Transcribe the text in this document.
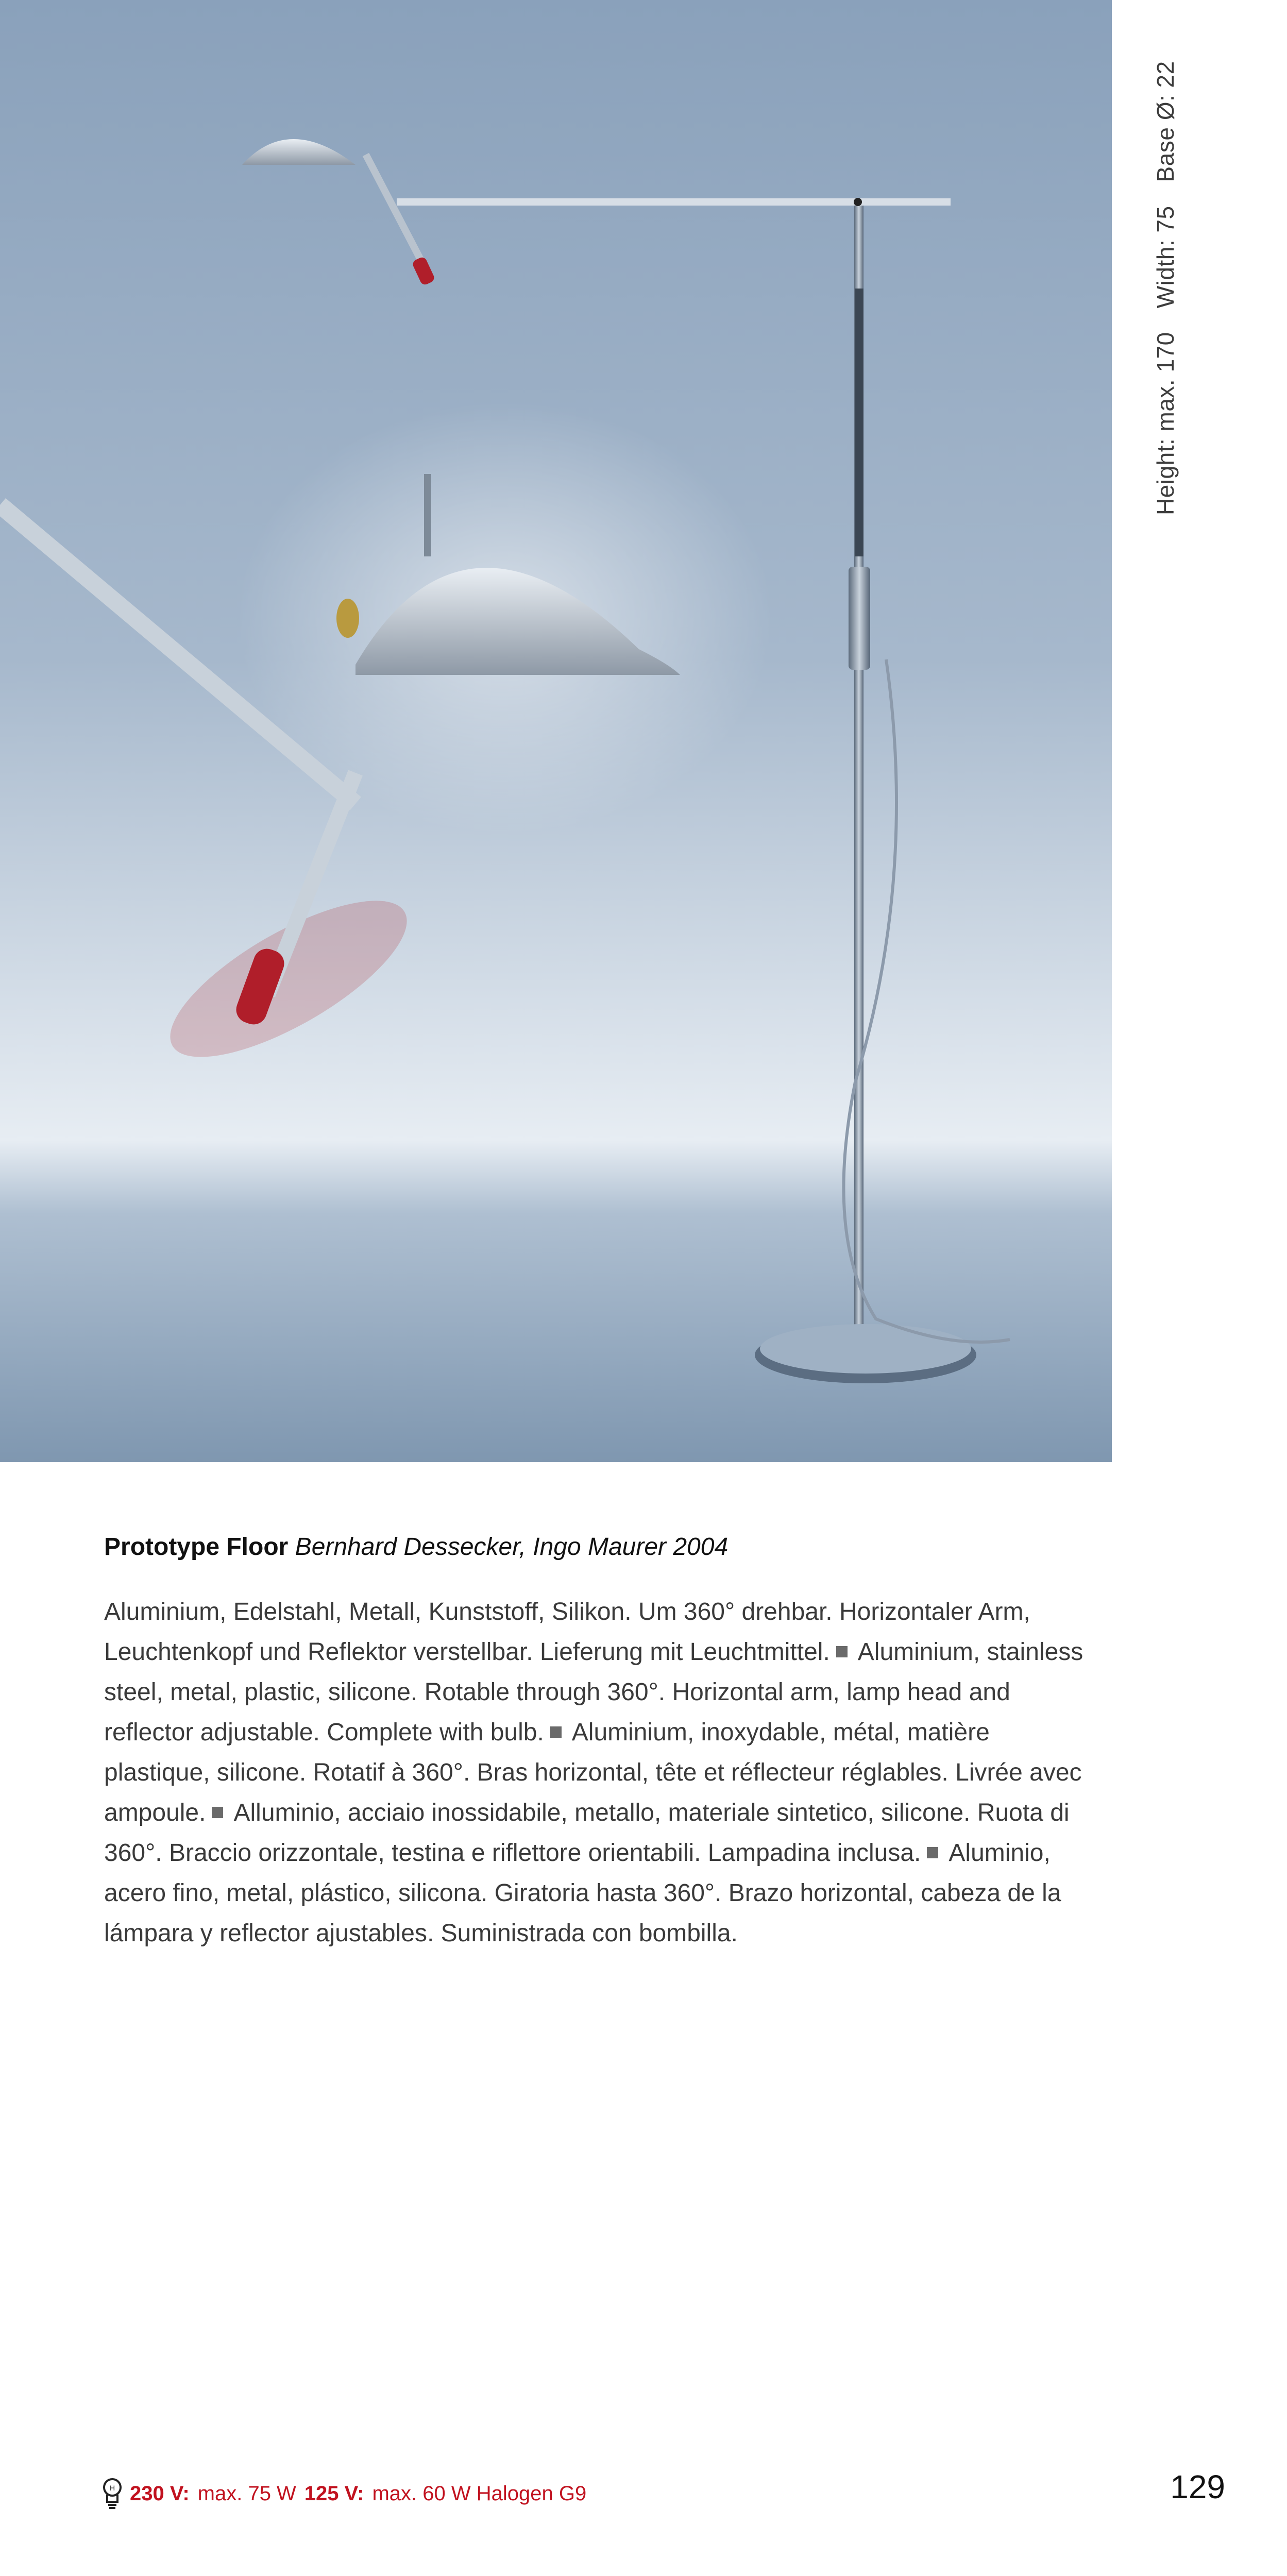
Height: max. 170Width: 75Base Ø: 22
Prototype Floor Bernhard Dessecker, Ingo Maurer 2004
Aluminium, Edelstahl, Metall, Kunststoff, Silikon. Um 360° drehbar. Horizontaler Arm, Leuchtenkopf und Reflektor verstellbar. Lieferung mit Leuchtmittel. Aluminium, stainless steel, metal, plastic, silicone. Rotable through 360°. Horizontal arm, lamp head and reflector adjustable. Complete with bulb. Aluminium, inoxydable, métal, matière plastique, silicone. Rotatif à 360°. Bras horizontal, tête et réflecteur réglables. Livrée avec ampoule. Alluminio, acciaio inossidabile, metallo, materiale sintetico, silicone. Ruota di 360°. Braccio orizzontale, testina e riflettore orientabili. Lampadina inclusa. Aluminio, acero fino, metal, plástico, silicona. Giratoria hasta 360°. Brazo horizontal, cabeza de la lámpara y reflector ajustables. Suministrada con bombilla.
H 230 V: max. 75 W 125 V: max. 60 W Halogen G9	129
